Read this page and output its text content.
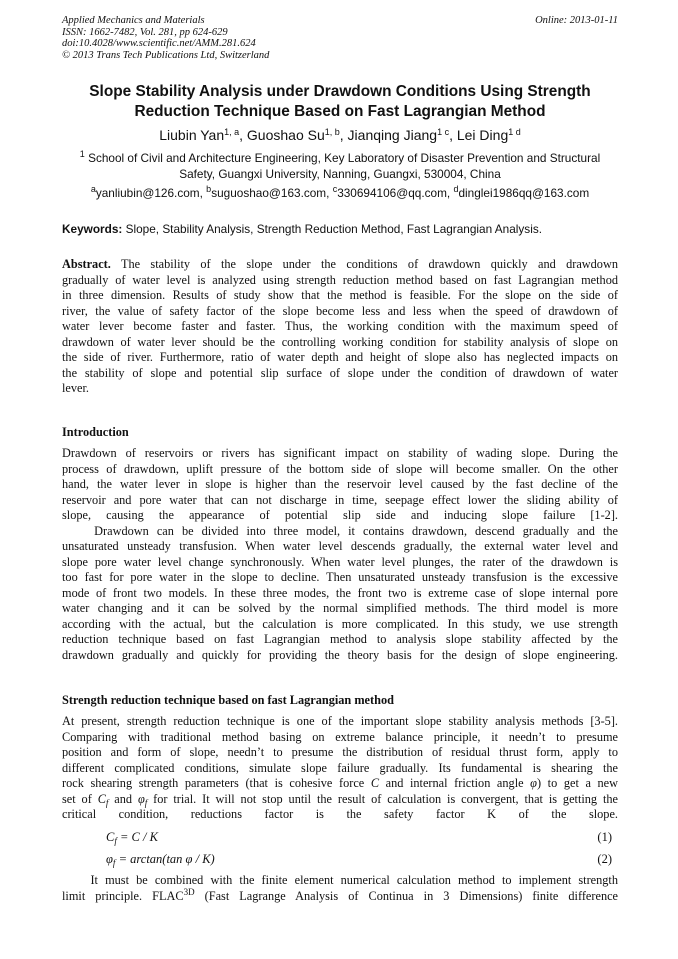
Applied Mechanics and Materials
ISSN: 1662-7482, Vol. 281, pp 624-629
doi:10.4028/www.scientific.net/AMM.281.624
© 2013 Trans Tech Publications Ltd, Switzerland
Online: 2013-01-11
Slope Stability Analysis under Drawdown Conditions Using Strength
Reduction Technique Based on Fast Lagrangian Method
Liubin Yan$^{1, a}$, Guoshao Su$^{1, b}$, Jianqing Jiang$^{1 c}$, Lei Ding$^{1 d}$
$^1$ School of Civil and Architecture Engineering, Key Laboratory of Disaster Prevention and Structural
Safety, Guangxi University, Nanning, Guangxi, 530004, China
$^a$yanliubin@126.com, $^b$suguoshao@163.com, $^c$330694106@qq.com, $^d$dinglei1986qq@163.com
Keywords: Slope, Stability Analysis, Strength Reduction Method, Fast Lagrangian Analysis.
Abstract. The stability of the slope under the conditions of drawdown quickly and drawdown
gradually of water level is analyzed using strength reduction method based on fast Lagrangian method
in three dimension. Results of study show that the method is feasible. For the slope on the side of
river, the value of safety factor of the slope become less and less when the speed of drawdown of
water lever become faster and faster. Thus, the working condition with the maximum speed of
drawdown of water lever should be the controlling working condition for stability analysis of slope on
the side of river. Furthermore, ratio of water depth and height of slope also has neglected impacts on
the stability of slope and potential slip surface of slope under the condition of drawdown of water
lever.
Introduction
Drawdown of reservoirs or rivers has significant impact on stability of wading slope. During the
process of drawdown, uplift pressure of the bottom side of slope will become smaller. On the other
hand, the water lever in slope is higher than the reservoir level caused by the fast decline of the
reservoir and pore water that can not discharge in time, seepage effect lower the sliding ability of
slope, causing the appearance of potential slip side and inducing slope failure [1-2].
Drawdown can be divided into three model, it contains drawdown, descend gradually and the
unsaturated unsteady transfusion. When water level descends gradually, the external water level and
slope pore water level change synchronously. When water level plunges, the rater of the drawdown is
too fast for pore water in the slope to decline. Then unsaturated unsteady transfusion is the excessive
mode of front two models. In these three modes, the front two is extreme case of slope internal pore
water changing and it can be solved by the normal simplified methods. The third model is more
according with the actual, but the calculation is more complicated. In this study, we use strength
reduction technique based on fast Lagrangian method to analysis slope stability affected by the
drawdown gradually and quickly for providing the theory basis for the design of slope engineering.
Strength reduction technique based on fast Lagrangian method
At present, strength reduction technique is one of the important slope stability analysis methods [3-5].
Comparing with traditional method basing on extreme balance principle, it needn’t to presume
position and form of slope, needn’t to presume the distribution of residual thrust form, apply to
different complicated conditions, simulate slope failure gradually. Its fundamental is shearing the
rock shearing strength parameters (that is cohesive force C and internal friction angle φ) to get a new
set of $C_f$ and $\varphi_f$ for trial. It will not stop until the result of calculation is convergent, that is getting the
critical condition, reductions factor is the safety factor K of the slope.
$C_f = C / K$	(1)
$\varphi_f = \arctan(\tan$ φ / K)	(2)
It must be combined with the finite element numerical calculation method to implement strength
limit principle. $FLAC^{3D}$ (Fast Lagrange Analysis of Continua in 3 Dimensions) finite difference
